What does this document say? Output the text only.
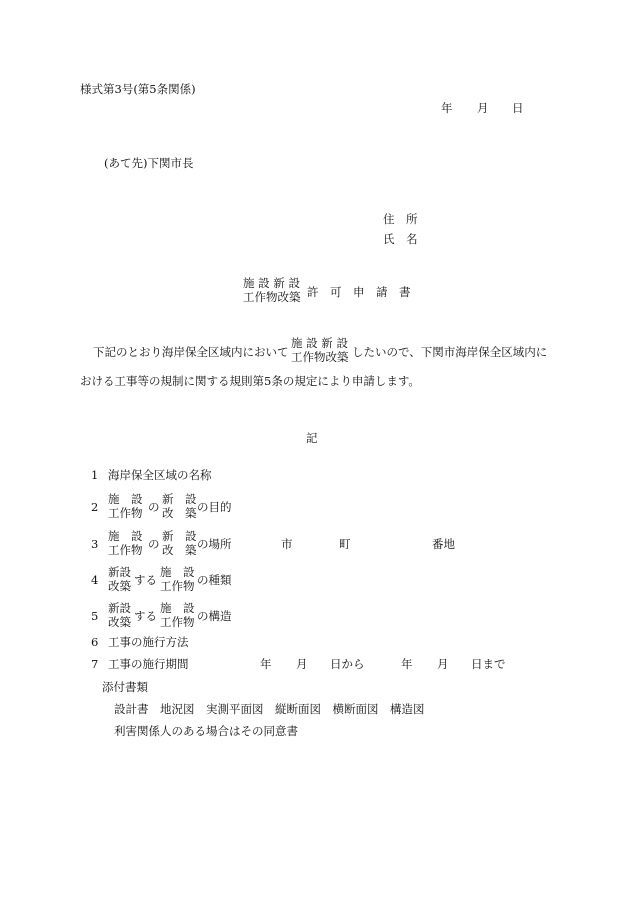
様式第3号(第5条関係)
年 月 日
(あて先)下関市長
住　所
氏　名
施 設 新 設
工作物改築 許　可　申　請　書
下記のとおり海岸保全区域内において
施 設 新 設
工作物改築 したいので、下関市海岸保全区域内に
おける工事等の規制に関する規則第5条の規定により申請します。
記
1 海岸保全区域の名称
2
施　設
工作物 の
新　設
改　築 の目的
3
施　設
工作物 の
新　設
改　築 の場所	市	町	番地
4
新設
改築 する
施　設
工作物 の種類
5
新設
改築 する
施　設
工作物 の構造
6 工事の施行方法
7 工事の施行期間	年 月 日から	年 月 日まで
添付書類
設計書　地況図　実測平面図　縦断面図　横断面図　構造図
利害関係人のある場合はその同意書
